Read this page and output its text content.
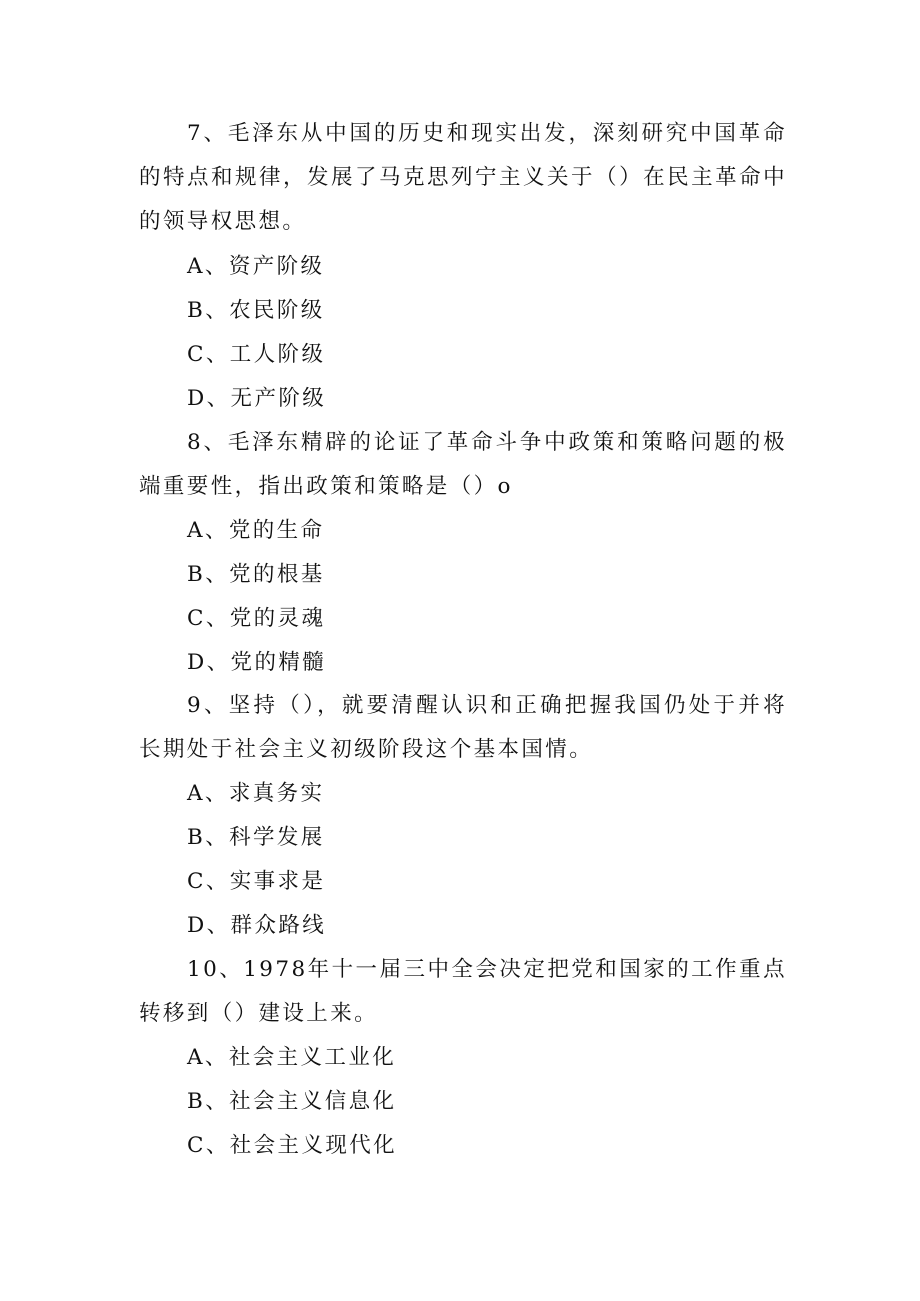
7、毛泽东从中国的历史和现实出发，深刻研究中国革命的特点和规律，发展了马克思列宁主义关于（）在民主革命中的领导权思想。

A、资产阶级
B、农民阶级
C、工人阶级
D、无产阶级

8、毛泽东精辟的论证了革命斗争中政策和策略问题的极端重要性，指出政策和策略是（）o

A、党的生命
B、党的根基
C、党的灵魂
D、党的精髓

9、坚持（），就要清醒认识和正确把握我国仍处于并将长期处于社会主义初级阶段这个基本国情。

A、求真务实
B、科学发展
C、实事求是
D、群众路线

10、1978年十一届三中全会决定把党和国家的工作重点转移到（）建设上来。

A、社会主义工业化
B、社会主义信息化
C、社会主义现代化
